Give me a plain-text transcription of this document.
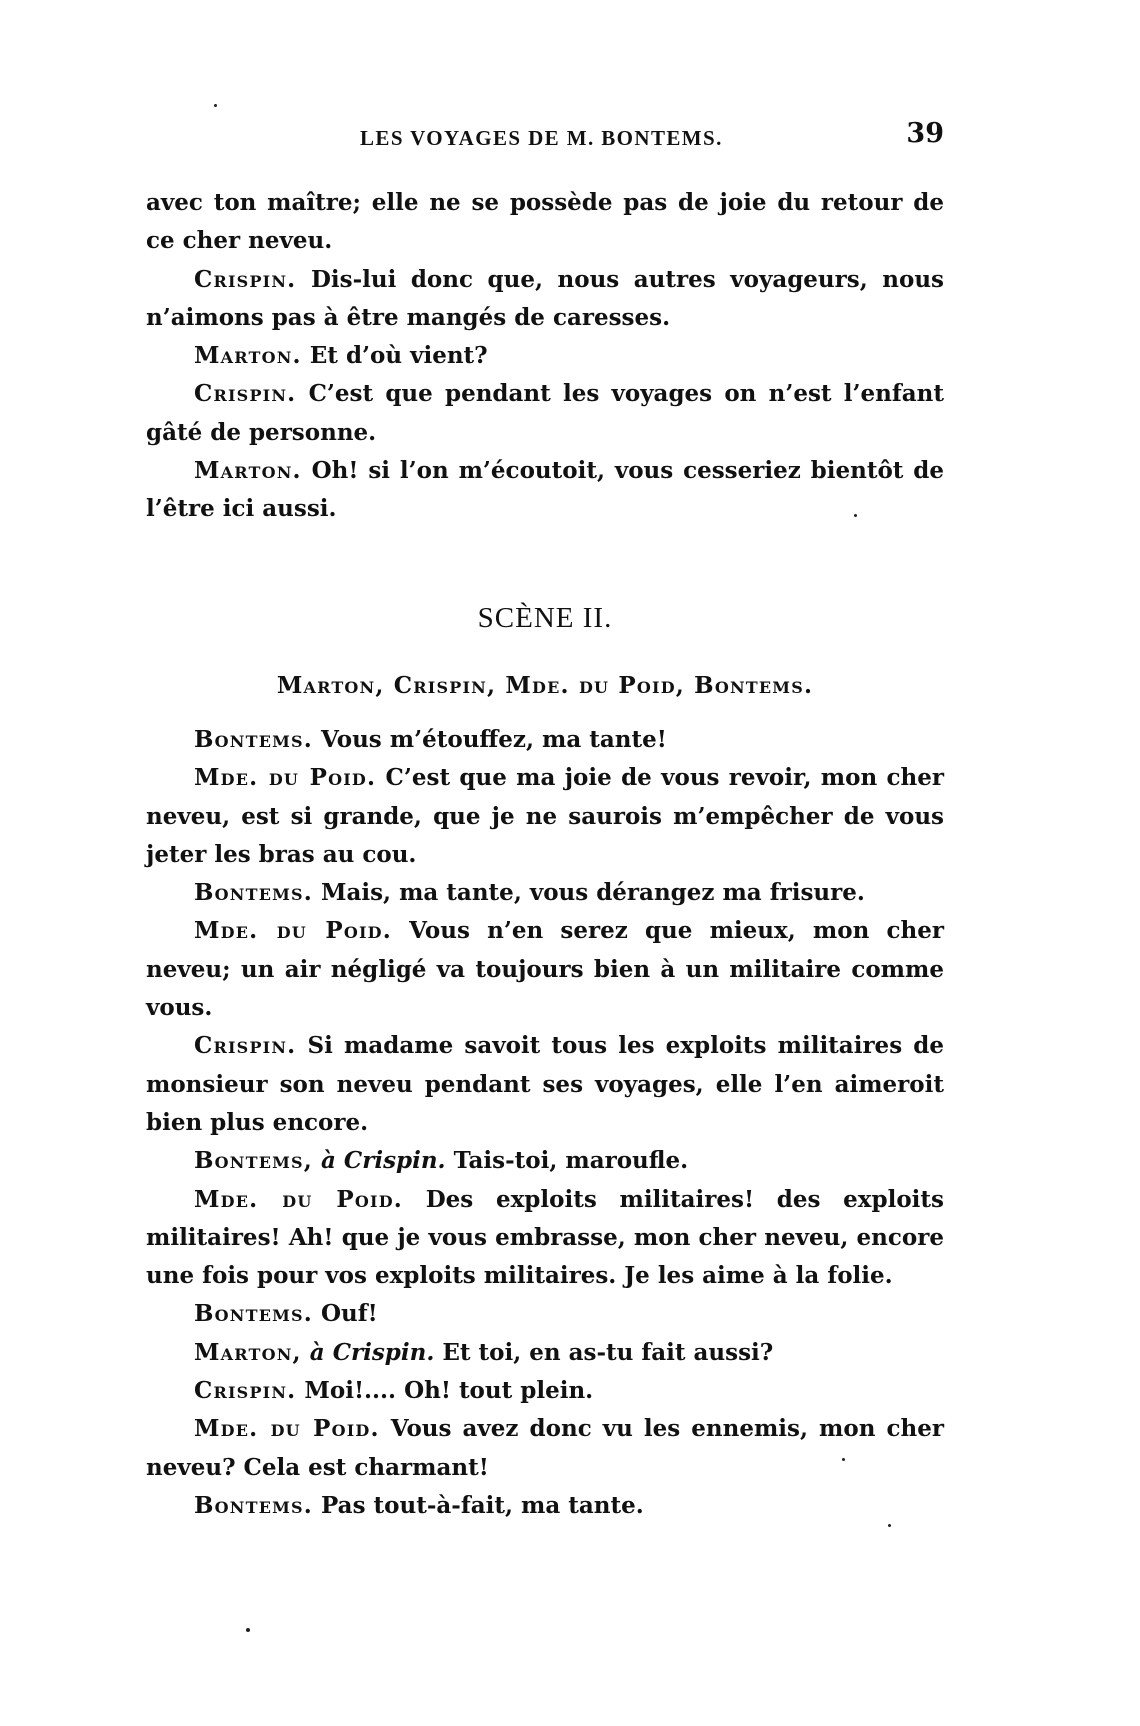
LES VOYAGES DE M. BONTEMS.	39

avec ton maître; elle ne se possède pas de joie du retour de ce cher neveu.

Crispin. Dis-lui donc que, nous autres voyageurs, nous n’aimons pas à être mangés de caresses.

Marton. Et d’où vient?

Crispin. C’est que pendant les voyages on n’est l’enfant gâté de personne.

Marton. Oh! si l’on m’écoutoit, vous cesseriez bientôt de l’être ici aussi.

SCÈNE II.
Marton, Crispin, Mde. du Poid, Bontems.

Bontems. Vous m’étouffez, ma tante!

Mde. du Poid. C’est que ma joie de vous revoir, mon cher neveu, est si grande, que je ne saurois m’empêcher de vous jeter les bras au cou.

Bontems. Mais, ma tante, vous dérangez ma frisure.

Mde. du Poid. Vous n’en serez que mieux, mon cher neveu; un air négligé va toujours bien à un militaire comme vous.

Crispin. Si madame savoit tous les exploits militaires de monsieur son neveu pendant ses voyages, elle l’en aimeroit bien plus encore.

Bontems, à Crispin. Tais-toi, maroufle.

Mde. du Poid. Des exploits militaires! des exploits militaires! Ah! que je vous embrasse, mon cher neveu, encore une fois pour vos exploits militaires. Je les aime à la folie.

Bontems. Ouf!

Marton, à Crispin. Et toi, en as-tu fait aussi?

Crispin. Moi!.... Oh! tout plein.

Mde. du Poid. Vous avez donc vu les ennemis, mon cher neveu? Cela est charmant!

Bontems. Pas tout-à-fait, ma tante.
